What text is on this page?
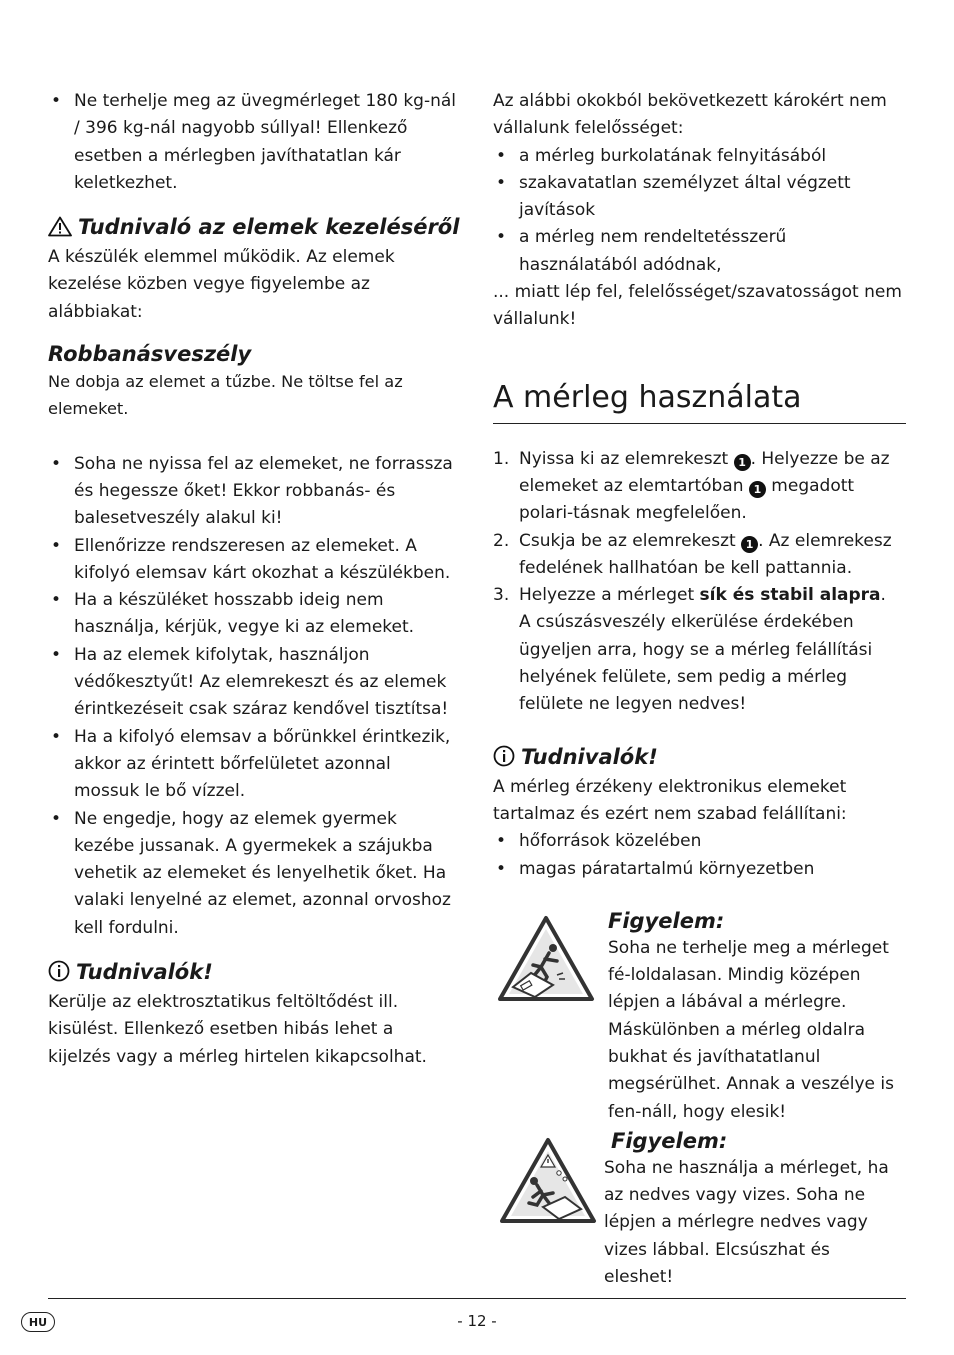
• Ne terhelje meg az üvegmérleget 180 kg-nál / 396 kg-nál nagyobb súllyal! Ellenkező esetben a mérlegben javíthatatlan kár keletkezhet.
Tudnivaló az elemek kezeléséről

A készülék elemmel működik. Az elemek kezelése közben vegye figyelembe az alábbiakat:

Robbanásveszély

Ne dobja az elemet a tűzbe. Ne töltse fel az elemeket.

• Soha ne nyissa fel az elemeket, ne forrassza és hegessze őket! Ekkor robbanás- és balesetveszély alakul ki!
• Ellenőrizze rendszeresen az elemeket. A kifolyó elemsav kárt okozhat a készülékben.
• Ha a készüléket hosszabb ideig nem használja, kérjük, vegye ki az elemeket.
• Ha az elemek kifolytak, használjon védőkesztyűt! Az elemrekeszt és az elemek érintkezéseit csak száraz kendővel tisztítsa!
• Ha a kifolyó elemsav a bőrünkkel érintkezik, akkor az érintett bőrfelületet azonnal mossuk le bő vízzel.
• Ne engedje, hogy az elemek gyermek kezébe jussanak. A gyermekek a szájukba vehetik az elemeket és lenyelhetik őket. Ha valaki lenyelné az elemet, azonnal orvoshoz kell fordulni.
Tudnivalók!

Kerülje az elektrosztatikus feltöltődést ill. kisülést. Ellenkező esetben hibás lehet a kijelzés vagy a mérleg hirtelen kikapcsolhat.

Az alábbi okokból bekövetkezett károkért nem vállalunk felelősséget:

• a mérleg burkolatának felnyitásából
• szakavatatlan személyzet által végzett javítások
• a mérleg nem rendeltetésszerű használatából adódnak,

... miatt lép fel, felelősséget/szavatosságot nem vállalunk!

A mérleg használata
1. Nyissa ki az elemrekeszt 1 . Helyezze be az elemeket az elemtartóban 1 megadott polari-tásnak megfelelően.
2. Csukja be az elemrekeszt 1 . Az elemrekesz fedelének hallhatóan be kell pattannia.
3. Helyezze a mérleget sík és stabil alapra.
A csúszásveszély elkerülése érdekében ügyeljen arra, hogy se a mérleg felállítási helyének felülete, sem pedig a mérleg felülete ne legyen nedves!
Tudnivalók!

A mérleg érzékeny elektronikus elemeket tartalmaz és ezért nem szabad felállítani:

• hőforrások közelében
• magas páratartalmú környezetben
Figyelem:

Soha ne terhelje meg a mérleget fé-loldalasan. Mindig középen lépjen a lábával a mérlegre. Máskülönben a mérleg oldalra bukhat és javíthatatlanul megsérülhet. Annak a veszélye is fen-náll, hogy elesik!

Figyelem:

Soha ne használja a mérleget, ha az nedves vagy vizes. Soha ne lépjen a mérlegre nedves vagy vizes lábbal. Elcsúszhat és eleshet!

HU	- 12 -
